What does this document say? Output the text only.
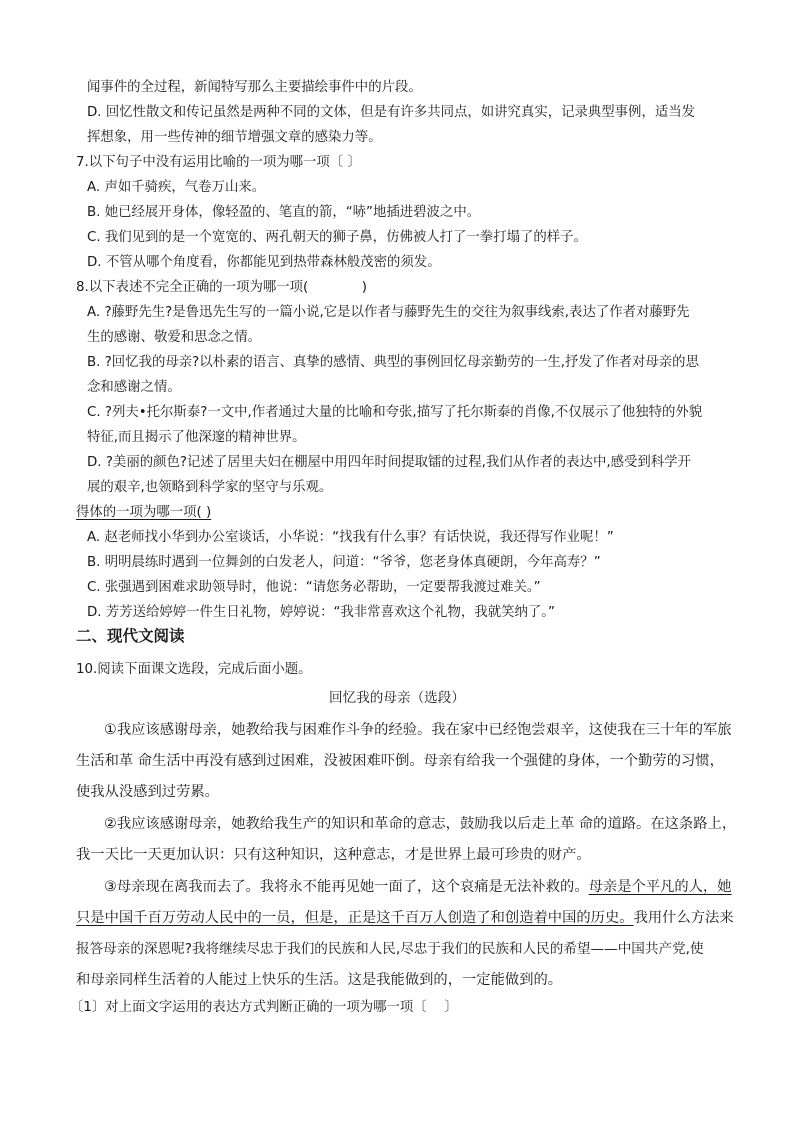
闻事件的全过程，新闻特写那么主要描绘事件中的片段。
D. 回忆性散文和传记虽然是两种不同的文体，但是有许多共同点，如讲究真实，记录典型事例，适当发
挥想象，用一些传神的细节增强文章的感染力等。
7.以下句子中没有运用比喻的一项为哪一项〔 〕
A. 声如千骑疾，气卷万山来。
B. 她已经展开身体，像轻盈的、笔直的箭，“哧”地插进碧波之中。
C. 我们见到的是一个宽宽的、两孔朝天的狮子鼻，仿佛被人打了一拳打塌了的样子。
D. 不管从哪个角度看，你都能见到热带森林般茂密的须发。
8.以下表述不完全正确的一项为哪一项(　　　　)
A. ?藤野先生?是鲁迅先生写的一篇小说,它是以作者与藤野先生的交往为叙事线索,表达了作者对藤野先
生的感谢、敬爱和思念之情。
B. ?回忆我的母亲?以朴素的语言、真挚的感情、典型的事例回忆母亲勤劳的一生,抒发了作者对母亲的思
念和感谢之情。
C. ?列夫•托尔斯泰?一文中,作者通过大量的比喻和夸张,描写了托尔斯泰的肖像,不仅展示了他独特的外貌
特征,而且揭示了他深邃的精神世界。
D. ?美丽的颜色?记述了居里夫妇在棚屋中用四年时间提取镭的过程,我们从作者的表达中,感受到科学开
展的艰辛,也领略到科学家的坚守与乐观。
得体的一项为哪一项( )
A. 赵老师找小华到办公室谈话，小华说：“找我有什么事？有话快说，我还得写作业呢！”
B. 明明晨练时遇到一位舞剑的白发老人，问道：“爷爷，您老身体真硬朗，今年高寿？”
C. 张强遇到困难求助领导时，他说：“请您务必帮助，一定要帮我渡过难关。”
D. 芳芳送给婷婷一件生日礼物，婷婷说：“我非常喜欢这个礼物，我就笑纳了。”
二、现代文阅读
10.阅读下面课文选段，完成后面小题。
回忆我的母亲（选段）
①我应该感谢母亲，她教给我与困难作斗争的经验。我在家中已经饱尝艰辛，这使我在三十年的军旅
生活和革 命生活中再没有感到过困难，没被困难吓倒。母亲有给我一个强健的身体，一个勤劳的习惯，
使我从没感到过劳累。
②我应该感谢母亲，她教给我生产的知识和革命的意志，鼓励我以后走上革 命的道路。在这条路上，
我一天比一天更加认识：只有这种知识，这种意志，才是世界上最可珍贵的财产。
③母亲现在离我而去了。我将永不能再见她一面了，这个哀痛是无法补救的。母亲是个平凡的人，她
只是中国千百万劳动人民中的一员，但是，正是这千百万人创造了和创造着中国的历史。我用什么方法来
报答母亲的深恩呢?我将继续尽忠于我们的民族和人民,尽忠于我们的民族和人民的希望——中国共产党,使
和母亲同样生活着的人能过上快乐的生活。这是我能做到的，一定能做到的。
〔1〕对上面文字运用的表达方式判断正确的一项为哪一项〔　 〕
